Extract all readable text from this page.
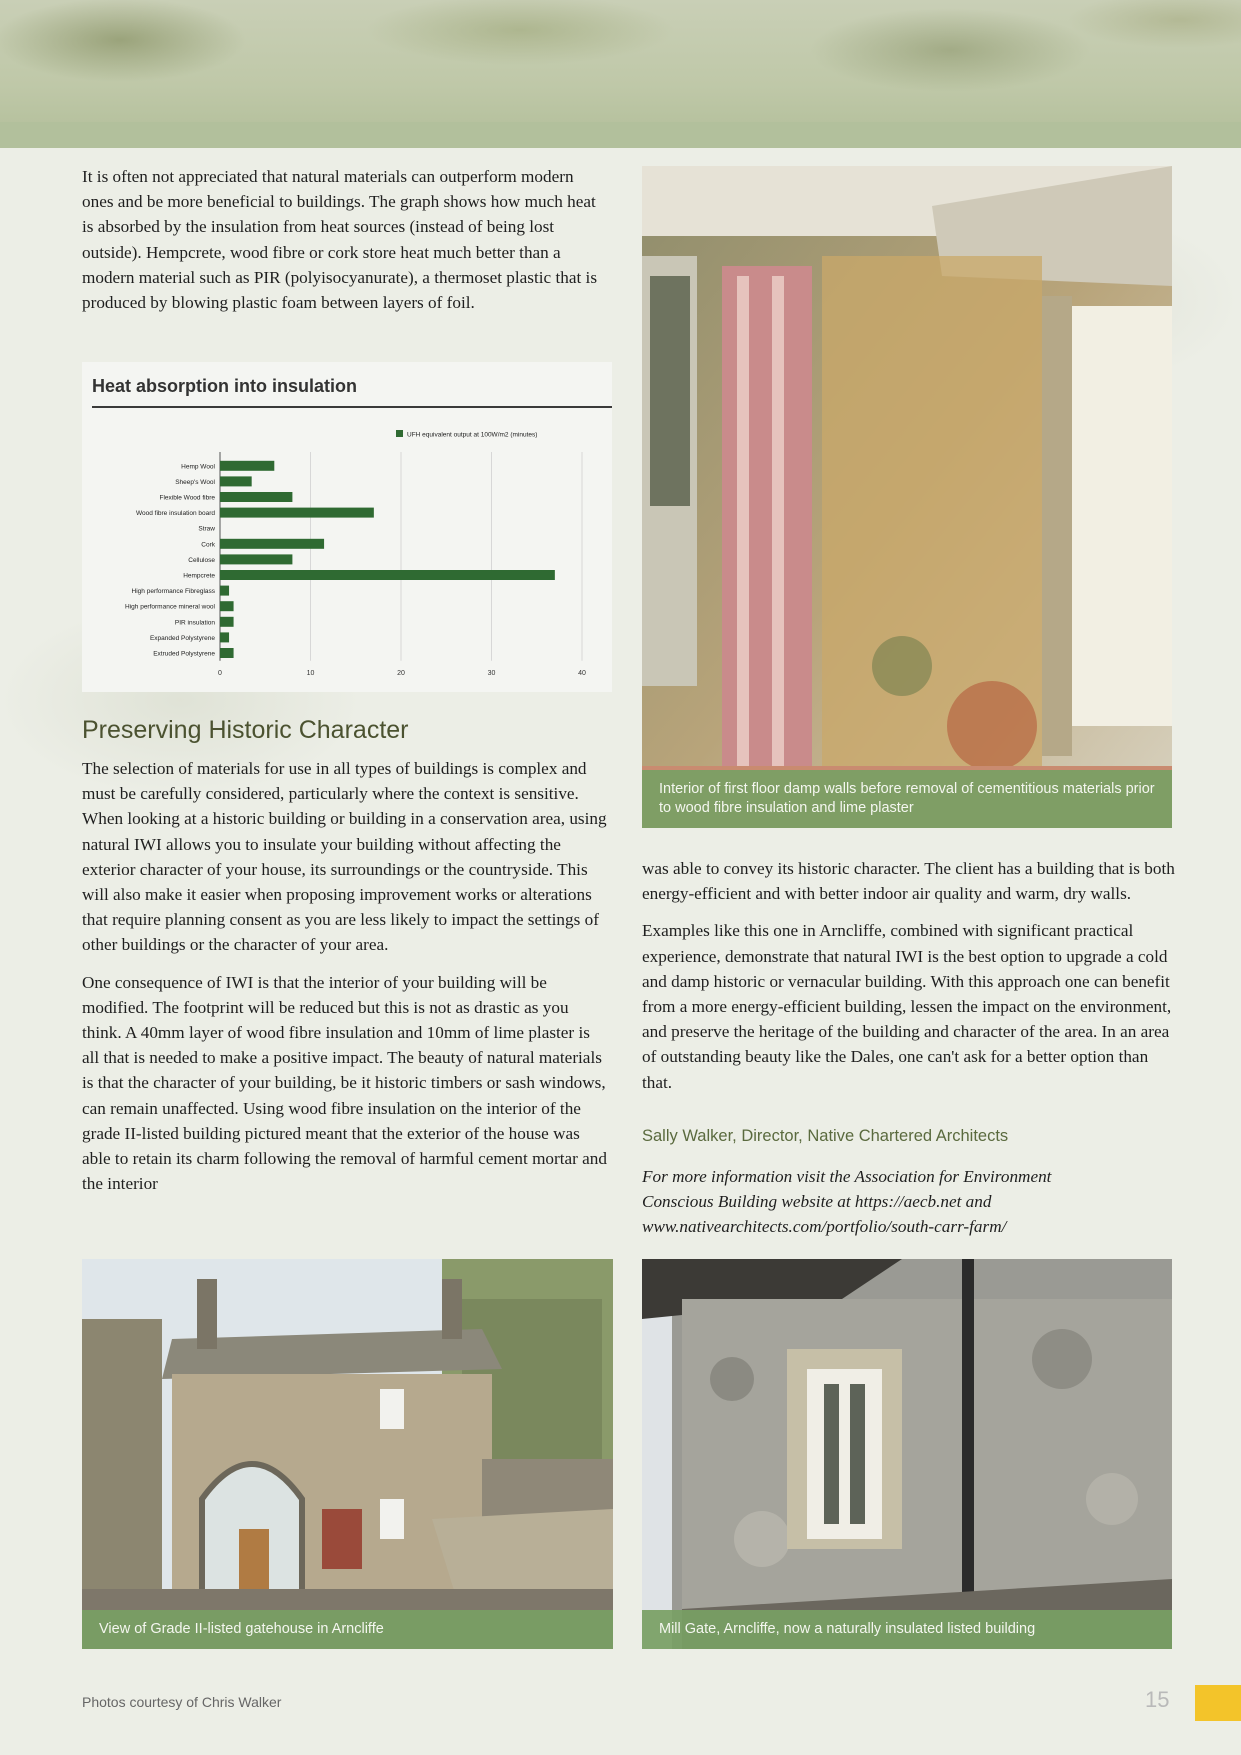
It is often not appreciated that natural materials can outperform modern ones and be more beneficial to buildings. The graph shows how much heat is absorbed by the insulation from heat sources (instead of being lost outside). Hempcrete, wood fibre or cork store heat much better than a modern material such as PIR (polyisocyanurate), a thermoset plastic that is produced by blowing plastic foam between layers of foil.

Heat absorption into insulation
0	10	20	30	40
Hemp Wool
Sheep's Wool
Flexible Wood fibre
Wood fibre insulation board
Straw
Cork
Cellulose
Hempcrete
High performance Fibreglass
High performance mineral wool
PIR insulation
Expanded Polystyrene
Extruded Polystyrene
UFH equivalent output at 100W/m2 (minutes)
Preserving Historic Character

The selection of materials for use in all types of buildings is complex and must be carefully considered, particularly where the context is sensitive. When looking at a historic building or building in a conservation area, using natural IWI allows you to insulate your building without affecting the exterior character of your house, its surroundings or the countryside. This will also make it easier when proposing improvement works or alterations that require planning consent as you are less likely to impact the settings of other buildings or the character of your area.

One consequence of IWI is that the interior of your building will be modified. The footprint will be reduced but this is not as drastic as you think. A 40mm layer of wood fibre insulation and 10mm of lime plaster is all that is needed to make a positive impact. The beauty of natural materials is that the character of your building, be it historic timbers or sash windows, can remain unaffected. Using wood fibre insulation on the interior of the grade II-listed building pictured meant that the exterior of the house was able to retain its charm following the removal of harmful cement mortar and the interior

Interior of first floor damp walls before removal of cementitious materials prior to wood fibre insulation and lime plaster

was able to convey its historic character. The client has a building that is both energy-efficient and with better indoor air quality and warm, dry walls.

Examples like this one in Arncliffe, combined with significant practical experience, demonstrate that natural IWI is the best option to upgrade a cold and damp historic or vernacular building. With this approach one can benefit from a more energy-efficient building, lessen the impact on the environment, and preserve the heritage of the building and character of the area. In an area of outstanding beauty like the Dales, one can't ask for a better option than that.

Sally Walker, Director, Native Chartered Architects
For more information visit the Association for Environment Conscious Building website at https://aecb.net and www.nativearchitects.com/portfolio/south-carr-farm/
View of Grade II-listed gatehouse in Arncliffe	Mill Gate, Arncliffe, now a naturally insulated listed building
Photos courtesy of Chris Walker	15
